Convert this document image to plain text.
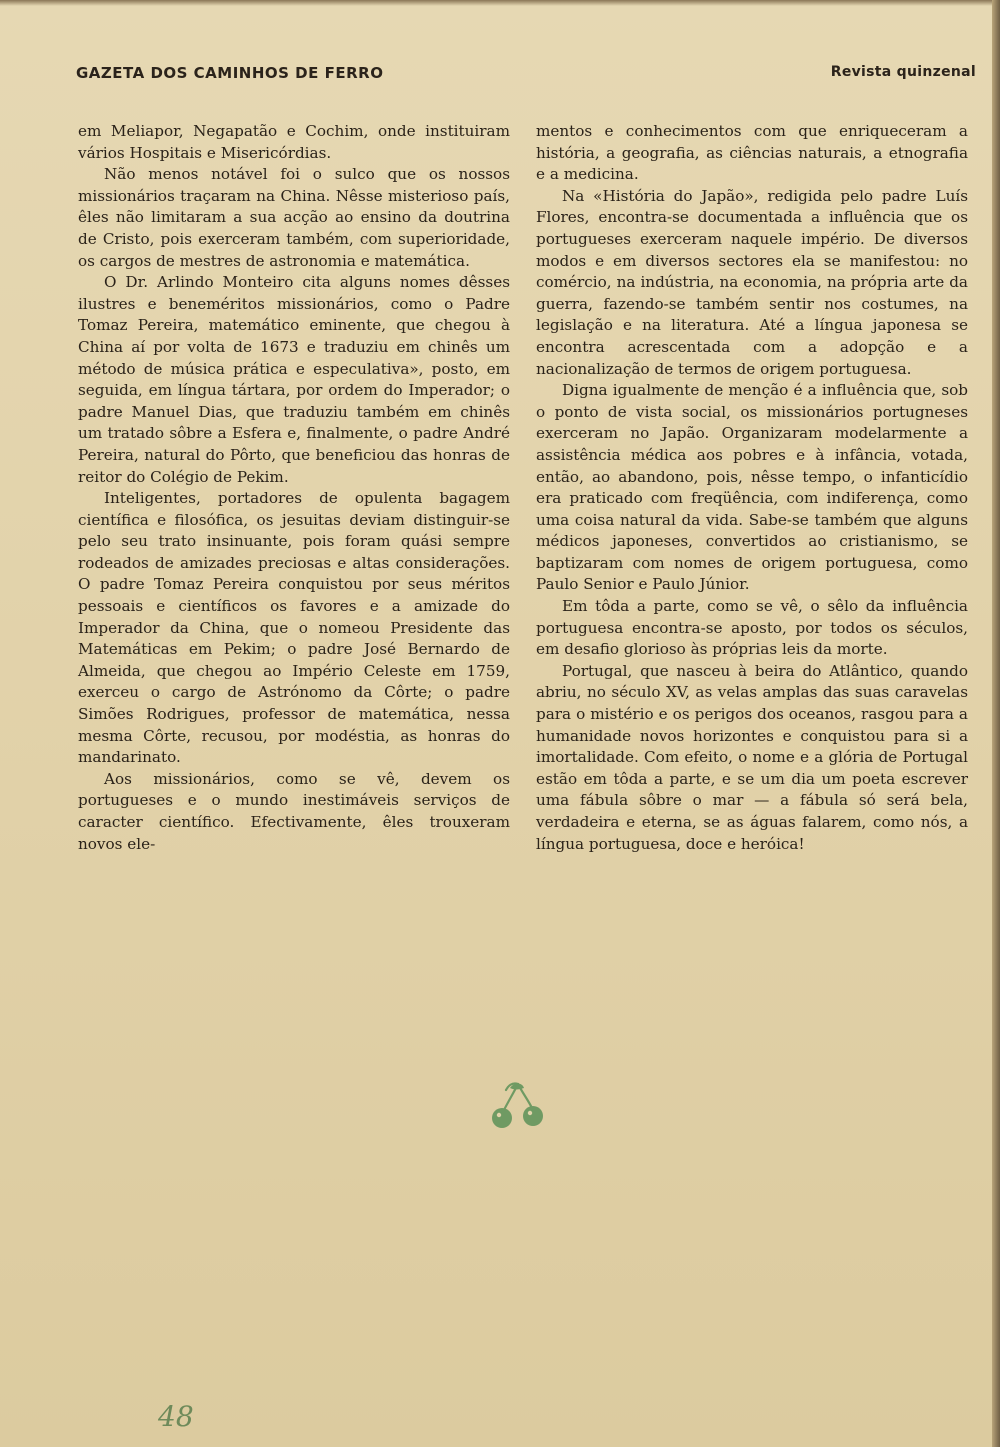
GAZETA DOS CAMINHOS DE FERRO	Revista quinzenal

em Meliapor, Negapatão e Cochim, onde instituiram vários Hospitais e Misericórdias.

Não menos notável foi o sulco que os nossos missionários traçaram na China. Nêsse misterioso país, êles não limitaram a sua acção ao ensino da doutrina de Cristo, pois exerceram também, com superioridade, os cargos de mestres de astronomia e matemática.

O Dr. Arlindo Monteiro cita alguns nomes dêsses ilustres e beneméritos missionários, como o Padre Tomaz Pereira, matemático eminente, que chegou à China aí por volta de 1673 e traduziu em chinês um método de música prática e especulativa», posto, em seguida, em língua tártara, por ordem do Imperador; o padre Manuel Dias, que traduziu também em chinês um tratado sôbre a Esfera e, finalmente, o padre André Pereira, natural do Pôrto, que beneficiou das honras de reitor do Colégio de Pekim.

Inteligentes, portadores de opulenta bagagem científica e filosófica, os jesuitas deviam distinguir-se pelo seu trato insinuante, pois foram quási sempre rodeados de amizades preciosas e altas considerações. O padre Tomaz Pereira conquistou por seus méritos pessoais e científicos os favores e a amizade do Imperador da China, que o nomeou Presidente das Matemáticas em Pekim; o padre José Bernardo de Almeida, que chegou ao Império Celeste em 1759, exerceu o cargo de Astrónomo da Côrte; o padre Simões Rodrigues, professor de matemática, nessa mesma Côrte, recusou, por modéstia, as honras do mandarinato.

Aos missionários, como se vê, devem os portugueses e o mundo inestimáveis serviços de caracter científico. Efectivamente, êles trouxeram novos ele-

mentos e conhecimentos com que enriqueceram a história, a geografia, as ciências naturais, a etnografia e a medicina.

Na «História do Japão», redigida pelo padre Luís Flores, encontra-se documentada a influência que os portugueses exerceram naquele império. De diversos modos e em diversos sectores ela se manifestou: no comércio, na indústria, na economia, na própria arte da guerra, fazendo-se também sentir nos costumes, na legislação e na literatura. Até a língua japonesa se encontra acrescentada com a adopção e a nacionalização de termos de origem portuguesa.

Digna igualmente de menção é a influência que, sob o ponto de vista social, os missionários portugneses exerceram no Japão. Organizaram modelarmente a assistência médica aos pobres e à infância, votada, então, ao abandono, pois, nêsse tempo, o infanticídio era praticado com freqüência, com indiferença, como uma coisa natural da vida. Sabe-se também que alguns médicos japoneses, convertidos ao cristianismo, se baptizaram com nomes de origem portuguesa, como Paulo Senior e Paulo Júnior.

Em tôda a parte, como se vê, o sêlo da influência portuguesa encontra-se aposto, por todos os séculos, em desafio glorioso às próprias leis da morte.

Portugal, que nasceu à beira do Atlântico, quando abriu, no século XV, as velas amplas das suas caravelas para o mistério e os perigos dos oceanos, rasgou para a humanidade novos horizontes e conquistou para si a imortalidade. Com efeito, o nome e a glória de Portugal estão em tôda a parte, e se um dia um poeta escrever uma fábula sôbre o mar — a fábula só será bela, verdadeira e eterna, se as águas falarem, como nós, a língua portuguesa, doce e heróica!

48
